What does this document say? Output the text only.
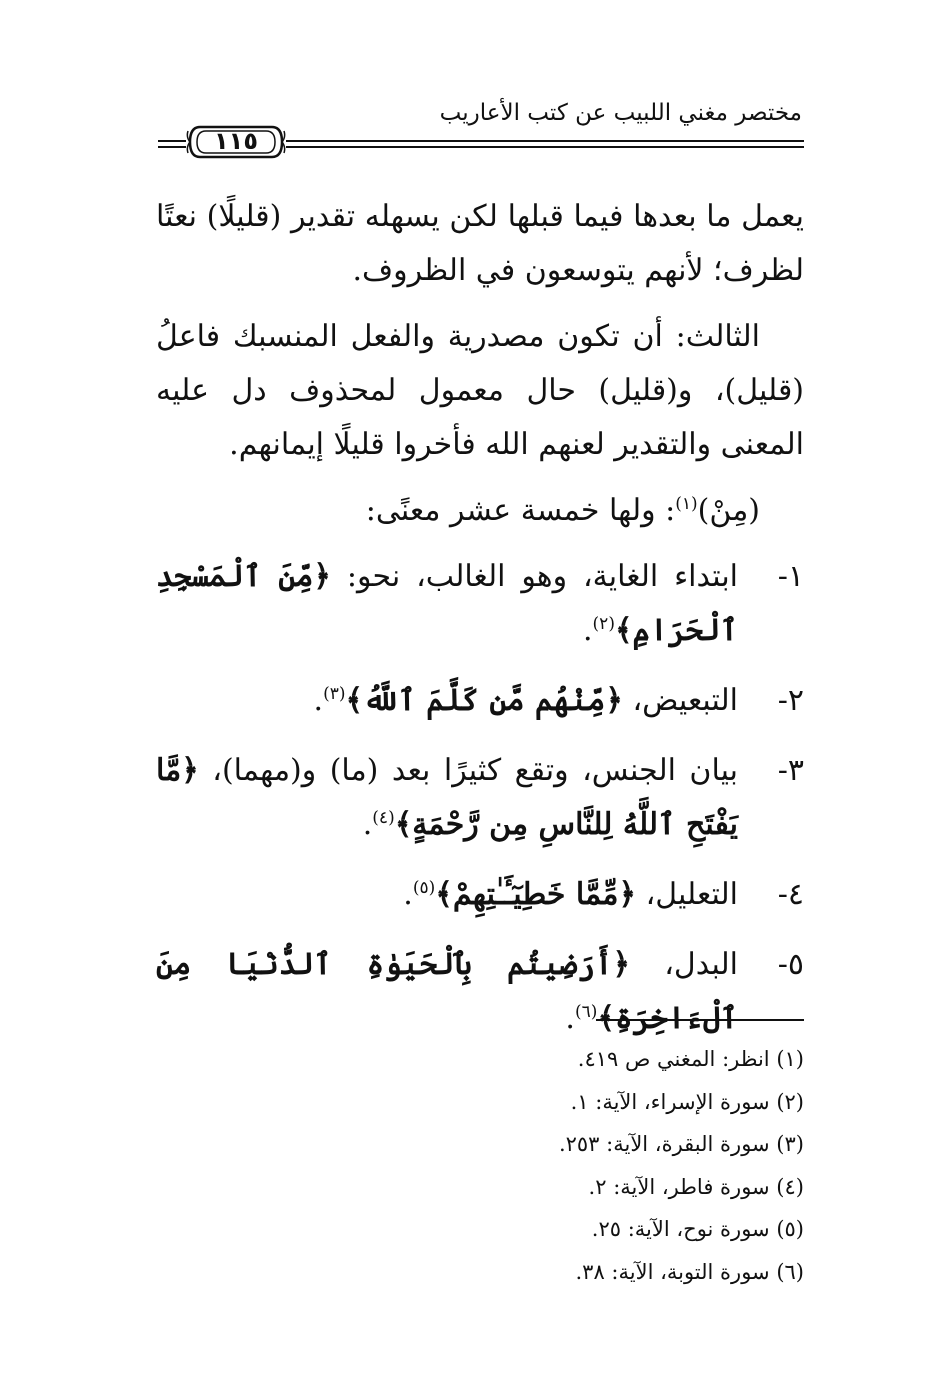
مختصر مغني اللبيب عن كتب الأعاريب
١١٥

يعمل ما بعدها فيما قبلها لكن يسهله تقدير (قليلًا) نعتًا لظرف؛ لأنهم يتوسعون في الظروف.

الثالث: أن تكون مصدرية والفعل المنسبك فاعلُ (قليل)، و(قليل) حال معمول لمحذوف دل عليه المعنى والتقدير لعنهم الله فأخروا قليلًا إيمانهم.

(مِنْ)$^{(١)}$: ولها خمسة عشر معنًى:

١-
ابتداء الغاية، وهو الغالب، نحو: ﴿مِّنَ ٱلْمَسْجِدِ ٱلْحَرَامِ﴾$^{(٢)}$.
٢-
التبعيض، ﴿مِّنْهُم مَّن كَلَّمَ ٱللَّهُ﴾$^{(٣)}$.
٣-
بيان الجنس، وتقع كثيرًا بعد (ما) و(مهما)، ﴿مَّا يَفْتَحِ ٱللَّهُ لِلنَّاسِ مِن رَّحْمَةٍ﴾$^{(٤)}$.
٤-
التعليل، ﴿مِّمَّا خَطِيٓـَٔـٰتِهِمْ﴾$^{(٥)}$.
٥-
البدل، ﴿أَرَضِيتُم بِٱلْحَيَوٰةِ ٱلدُّنْيَا مِنَ ٱلْءَاخِرَةِ﴾$^{(٦)}$.
(١) انظر: المغني ص ٤١٩.
(٢) سورة الإسراء، الآية: ١.
(٣) سورة البقرة، الآية: ٢٥٣.
(٤) سورة فاطر، الآية: ٢.
(٥) سورة نوح، الآية: ٢٥.
(٦) سورة التوبة، الآية: ٣٨.
